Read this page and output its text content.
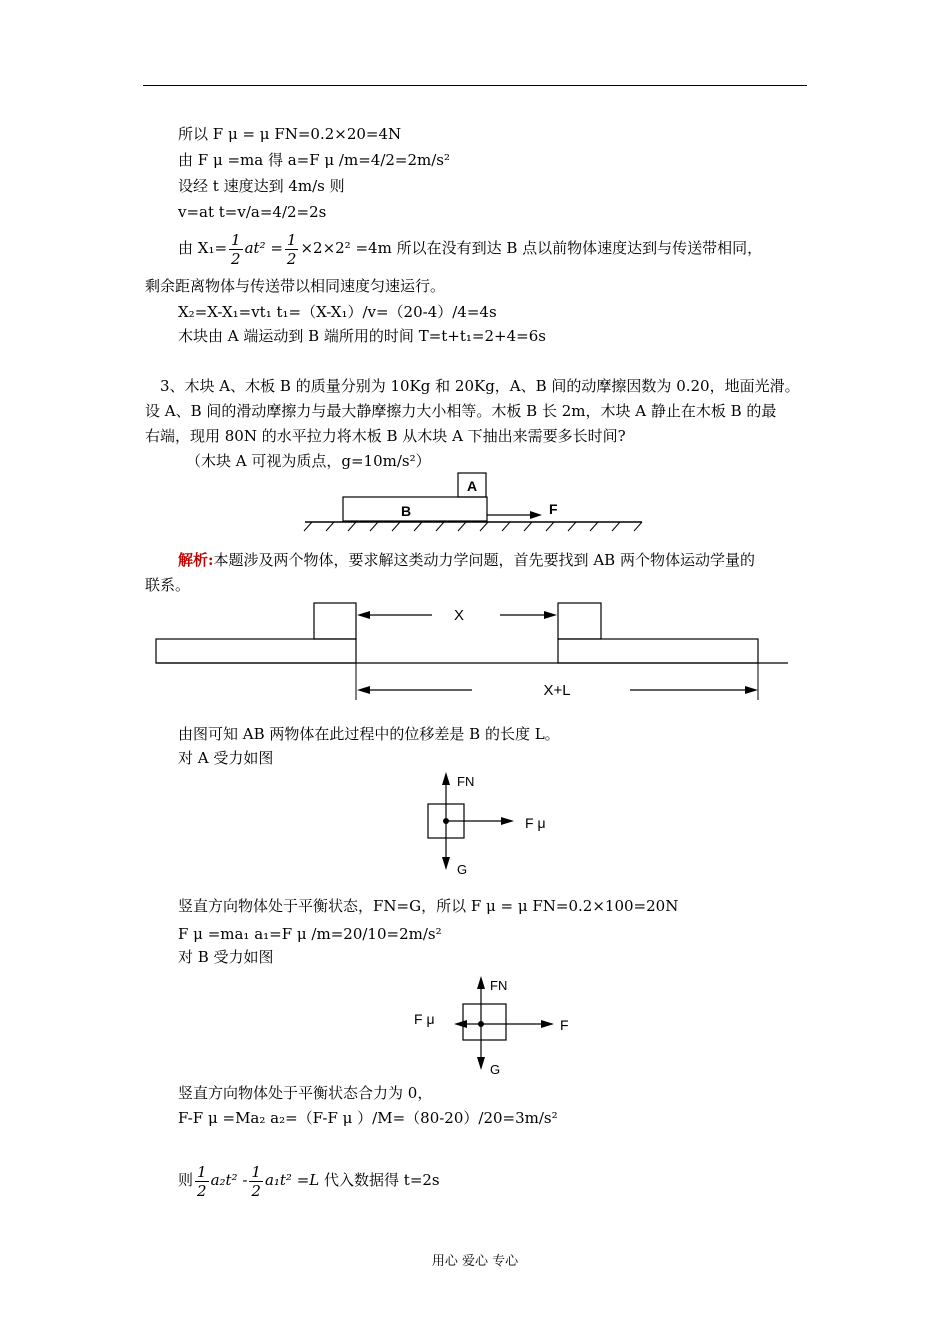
所以 F μ = μ FN=0.2×20=4N
由 F μ =ma 得 a=F μ /m=4/2=2m/s²
设经 t 速度达到 4m/s 则
v=at t=v/a=4/2=2s
由 $X_1= \frac{1}{2} at^2 = \frac{1}{2} \times 2\times 2^2 =4m$ 所以在没有到达 B 点以前物体速度达到与传送带相同，
剩余距离物体与传送带以相同速度匀速运行。
X₂=X-X₁=vt₁ t₁=（X-X₁）/v=（20-4）/4=4s
木块由 A 端运动到 B 端所用的时间 T=t+t₁=2+4=6s
3、木块 A、木板 B 的质量分别为 10Kg 和 20Kg，A、B 间的动摩擦因数为 0.20，地面光滑。
设 A、B 间的滑动摩擦力与最大静摩擦力大小相等。木板 B 长 2m，木块 A 静止在木板 B 的最
右端，现用 80N 的水平拉力将木板 B 从木块 A 下抽出来需要多长时间?
（木块 A 可视为质点，g=10m/s²）
A
B	F
解析:本题涉及两个物体，要求解这类动力学问题，首先要找到 AB 两个物体运动学量的
联系。
X
X+L
由图可知 AB 两物体在此过程中的位移差是 B 的长度 L。
对 A 受力如图
FN
G
F μ
竖直方向物体处于平衡状态，FN=G，所以 F μ = μ FN=0.2×100=20N
F μ =ma₁ a₁=F μ /m=20/10=2m/s²
对 B 受力如图
FN
G
F μ	F
竖直方向物体处于平衡状态合力为 0，
F-F μ =Ma₂ a₂=（F-F μ ）/M=（80-20）/20=3m/s²
则 $\frac{1}{2} a_2t^2 - \frac{1}{2} a_1t^2 =L$ 代入数据得 t=2s
用心 爱心 专心
